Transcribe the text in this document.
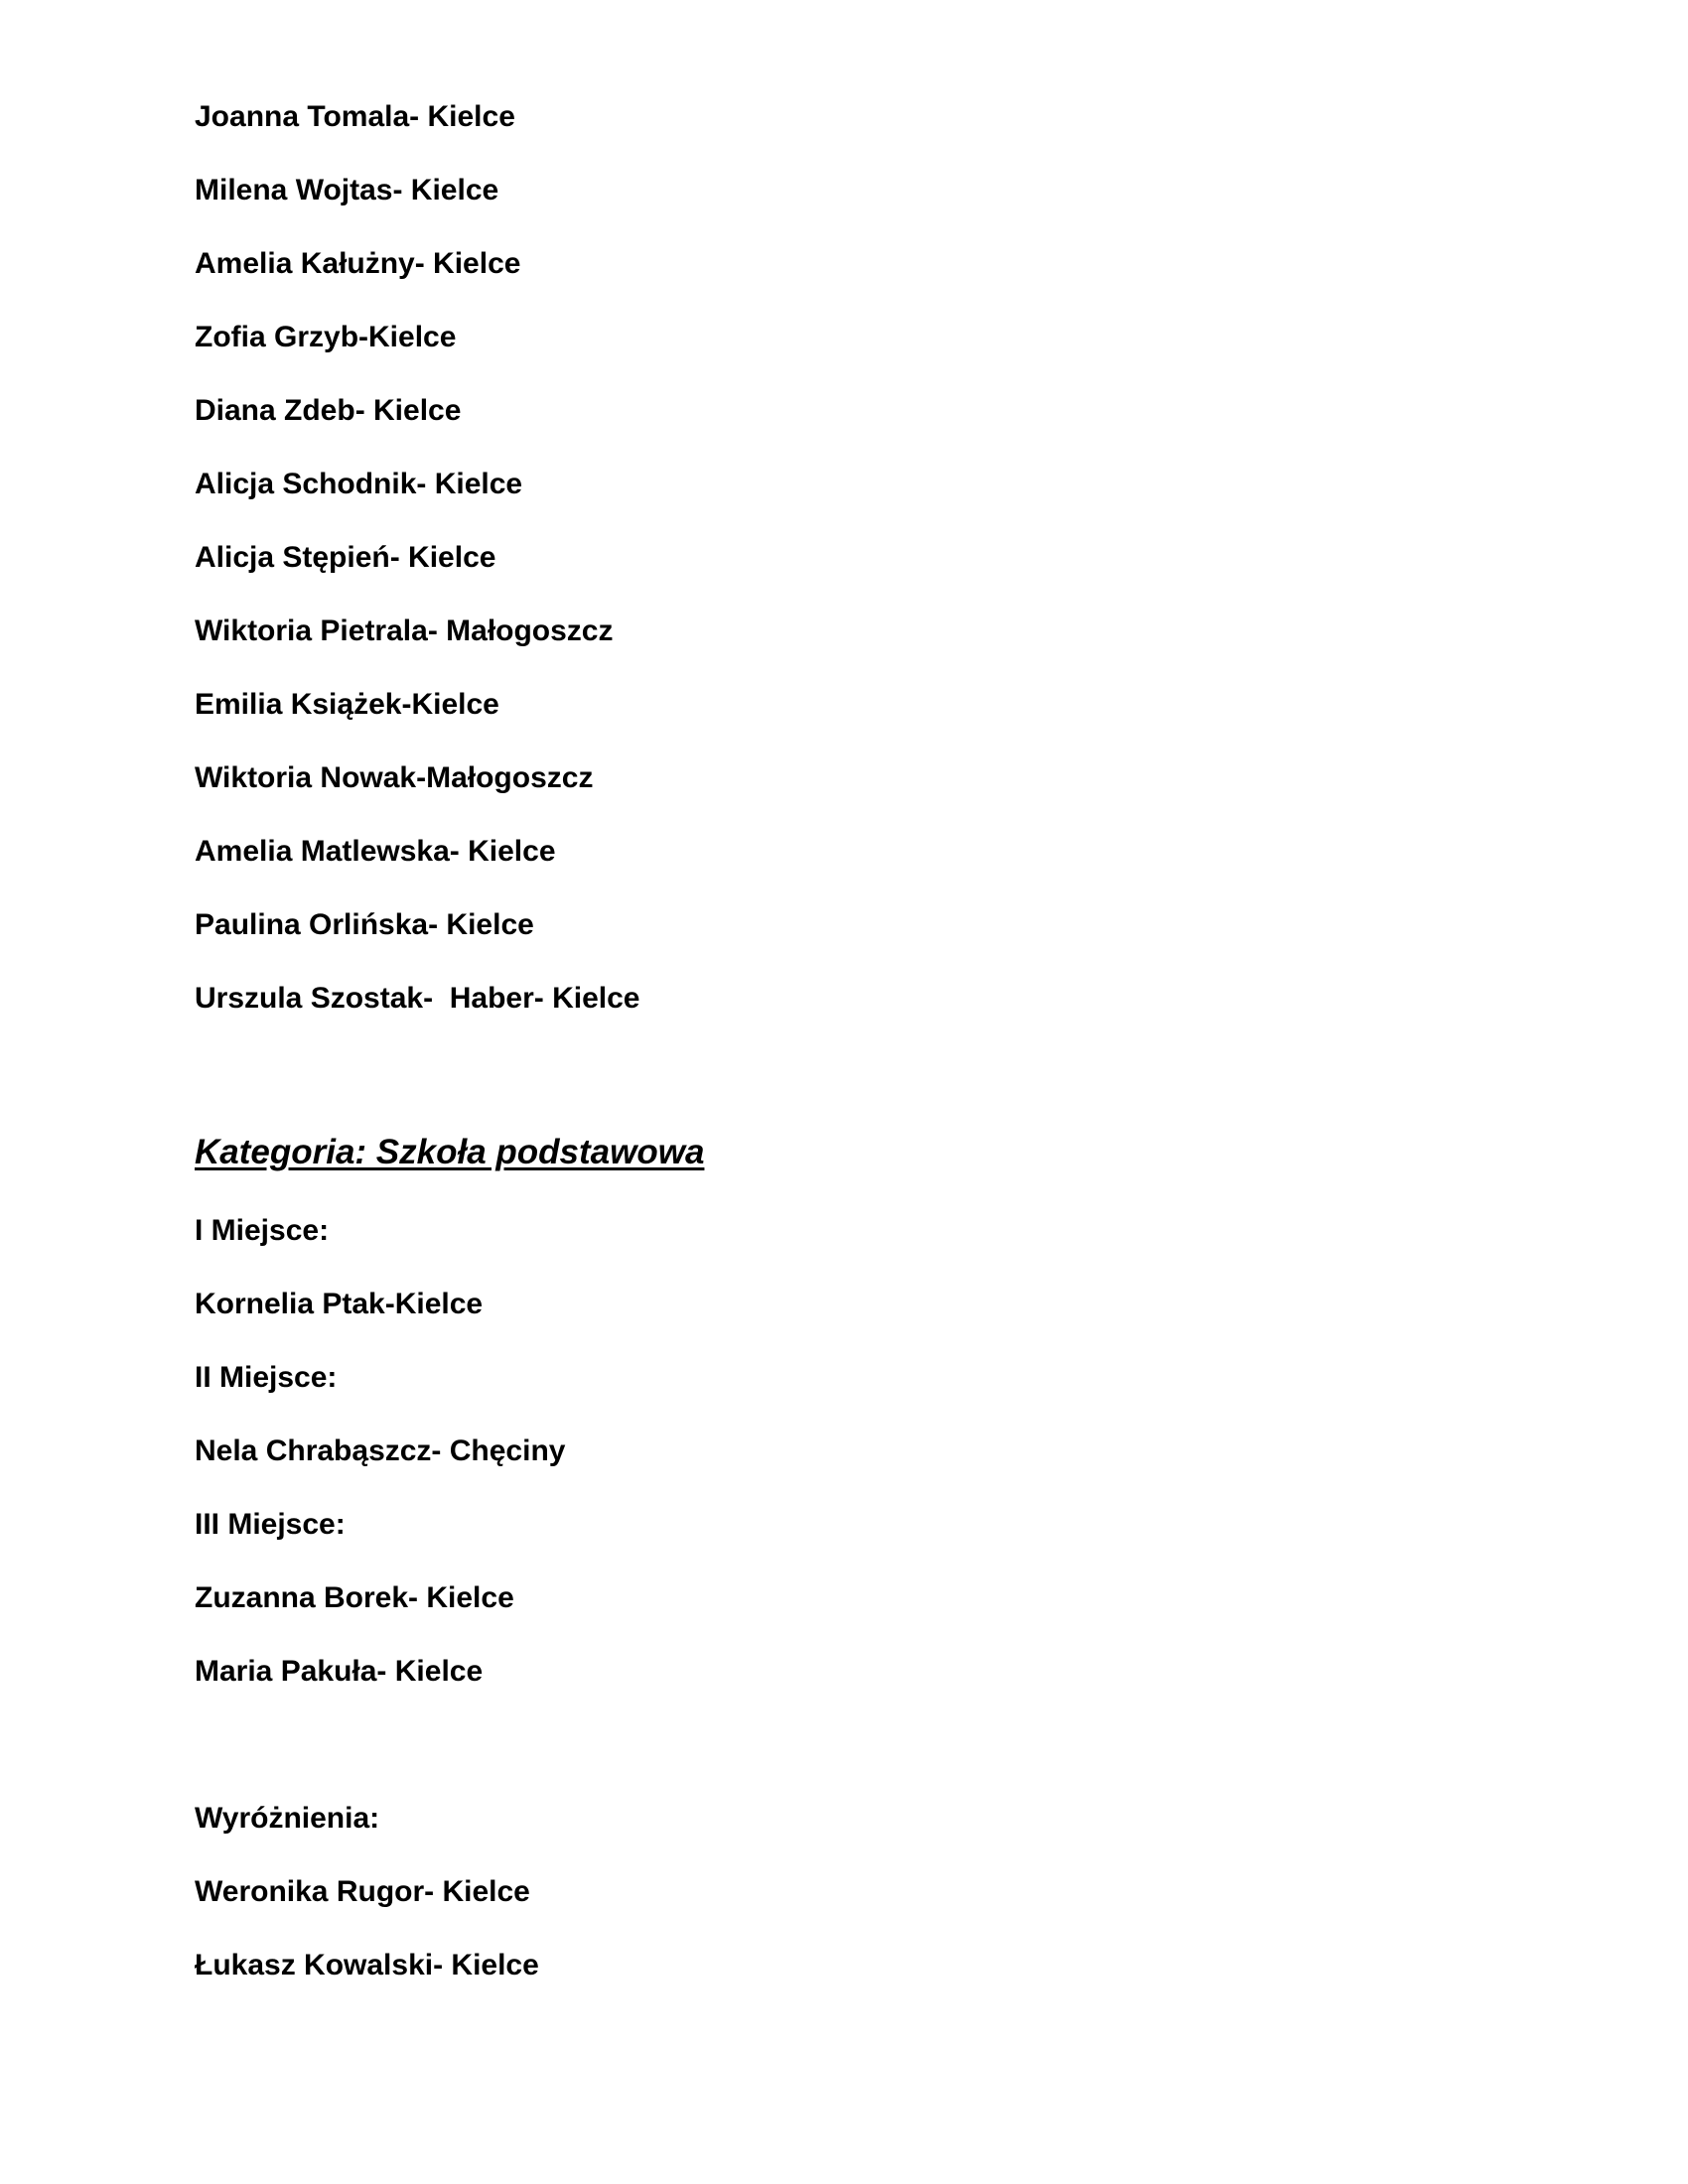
Joanna Tomala- Kielce

Milena Wojtas- Kielce

Amelia Kałużny- Kielce

Zofia Grzyb-Kielce

Diana Zdeb- Kielce

Alicja Schodnik- Kielce

Alicja Stępień- Kielce

Wiktoria Pietrala- Małogoszcz

Emilia Książek-Kielce

Wiktoria Nowak-Małogoszcz

Amelia Matlewska- Kielce

Paulina Orlińska- Kielce

Urszula Szostak-  Haber- Kielce

Kategoria: Szkoła podstawowa

I Miejsce:

Kornelia Ptak-Kielce

II Miejsce:

Nela Chrabąszcz- Chęciny

III Miejsce:

Zuzanna Borek- Kielce

Maria Pakuła- Kielce

Wyróżnienia:

Weronika Rugor- Kielce

Łukasz Kowalski- Kielce
